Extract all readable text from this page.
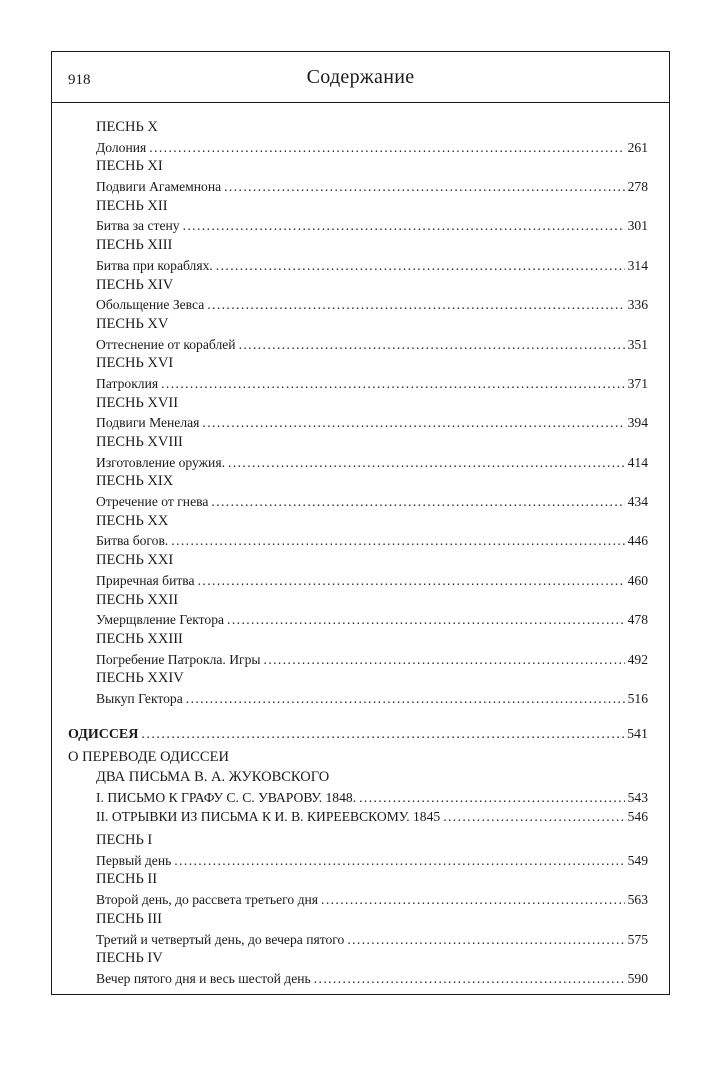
918	Содержание
ПЕСНЬ X
Долония . . .	261
ПЕСНЬ XI
Подвиги Агамемнона . . .	278
ПЕСНЬ XII
Битва за стену . . .	301
ПЕСНЬ XIII
Битва при кораблях. . . .	314
ПЕСНЬ XIV
Обольщение Зевса . . .	336
ПЕСНЬ XV
Оттеснение от кораблей . . .	351
ПЕСНЬ XVI
Патроклия . . .	371
ПЕСНЬ XVII
Подвиги Менелая . . .	394
ПЕСНЬ XVIII
Изготовление оружия. . . .	414
ПЕСНЬ XIX
Отречение от гнева . . .	434
ПЕСНЬ XX
Битва богов. . . .	446
ПЕСНЬ XXI
Приречная битва . . .	460
ПЕСНЬ XXII
Умерщвление Гектора . . .	478
ПЕСНЬ XXIII
Погребение Патрокла. Игры . . .	492
ПЕСНЬ XXIV
Выкуп Гектора . . .	516
ОДИССЕЯ . . .	541
О ПЕРЕВОДЕ ОДИССЕИ
ДВА ПИСЬМА В. А. ЖУКОВСКОГО
I. ПИСЬМО К ГРАФУ С. С. УВАРОВУ. 1848. . . .	543
II. ОТРЫВКИ ИЗ ПИСЬМА К И. В. КИРЕЕВСКОМУ. 1845 . . .	546
ПЕСНЬ I
Первый день . . .	549
ПЕСНЬ II
Второй день, до рассвета третьего дня . . .	563
ПЕСНЬ III
Третий и четвертый день, до вечера пятого . . .	575
ПЕСНЬ IV
Вечер пятого дня и весь шестой день . . .	590
